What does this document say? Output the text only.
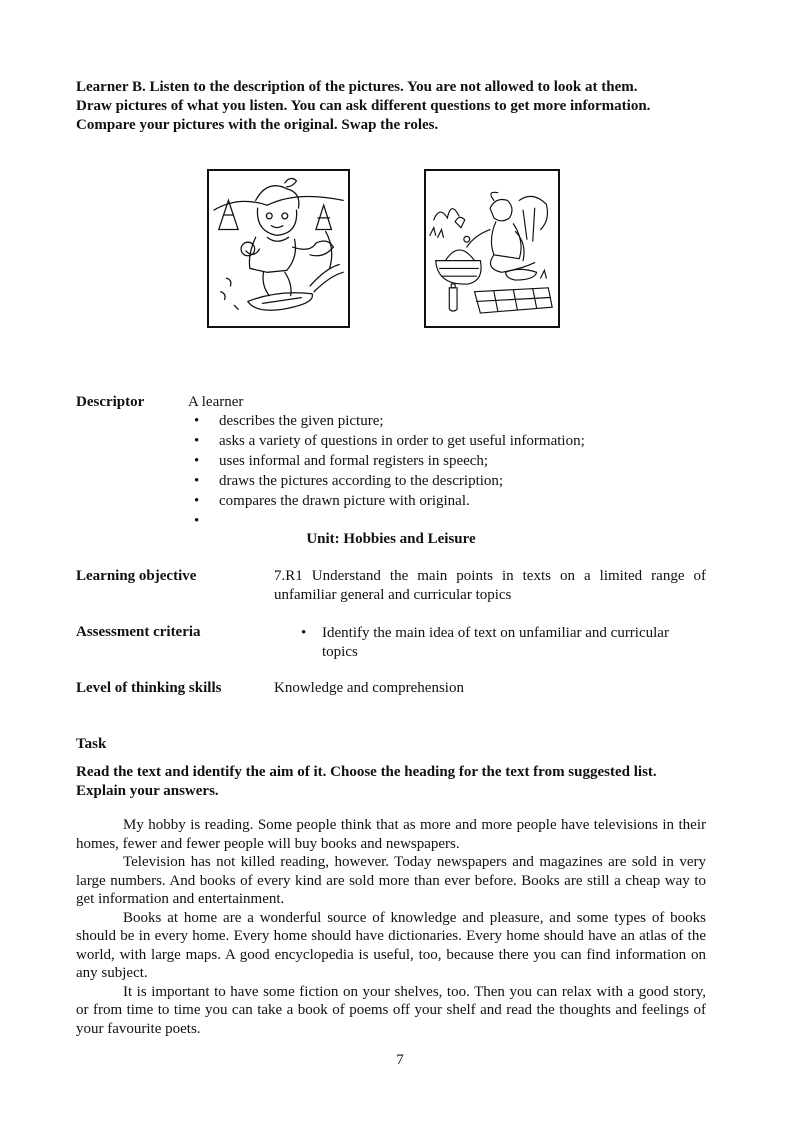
Learner B. Listen to the description of the pictures. You are not allowed to look at them.
Draw pictures of what you listen. You can ask different questions to get more information.
Compare your pictures with the original. Swap the roles.
Descriptor	A learner
• describes the given picture;
• asks a variety of questions in order to get useful information;
• uses informal and formal registers in speech;
• draws the pictures according to the description;
• compares the drawn picture with original.
•
Unit: Hobbies and Leisure
Learning objective	7.R1 Understand the main points in texts on a limited range of
unfamiliar general and curricular topics
Assessment criteria	• Identify the main idea of text on unfamiliar and curricular topics
Level of thinking skills	Knowledge and comprehension
Task
Read the text and identify the aim of it. Choose the heading for the text from suggested list.
Explain your answers.

My hobby is reading. Some people think that as more and more people have televisions in their homes, fewer and fewer people will buy books and newspapers.

Television has not killed reading, however. Today newspapers and magazines are sold in very large numbers. And books of every kind are sold more than ever before. Books are still a cheap way to get information and entertainment.

Books at home are a wonderful source of knowledge and pleasure, and some types of books should be in every home. Every home should have dictionaries. Every home should have an atlas of the world, with large maps. A good encyclopedia is useful, too, because there you can find information on any subject.

It is important to have some fiction on your shelves, too. Then you can relax with a good story, or from time to time you can take a book of poems off your shelf and read the thoughts and feelings of your favourite poets.

7
